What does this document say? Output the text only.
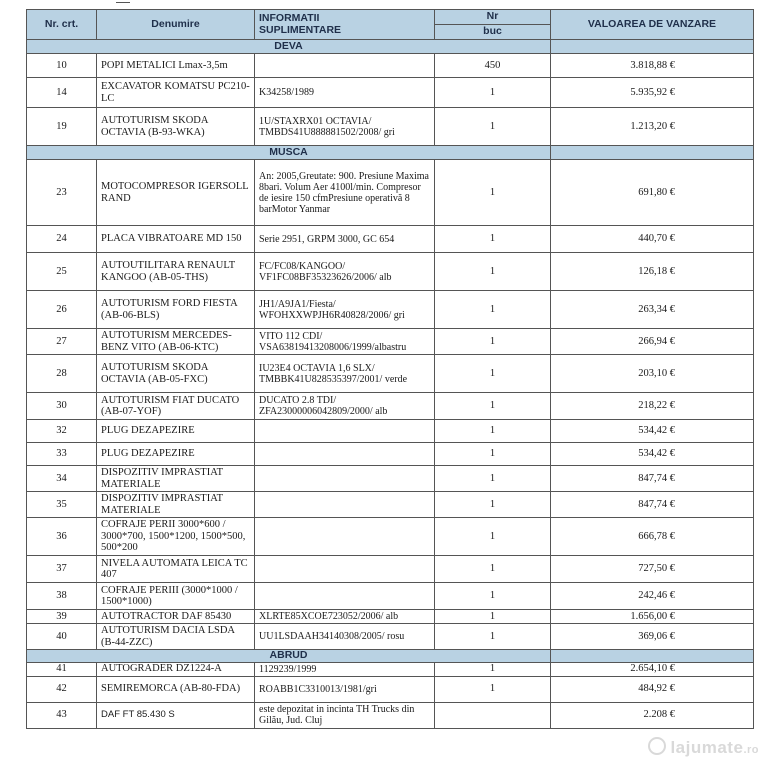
Nr. crt.	Denumire	INFORMATII
SUPLIMENTARE	Nr	VALOAREA DE VANZARE
			buc	
DEVA				
10	POPI METALICI Lmax-3,5m		450	3.818,88 €
14	EXCAVATOR KOMATSU PC210-LC	K34258/1989	1	5.935,92 €
19	AUTOTURISM SKODA OCTAVIA (B-93-WKA)	1U/STAXRX01 OCTAVIA/ TMBDS41U888881502/2008/ gri	1	1.213,20 €
MUSCA				
23	MOTOCOMPRESOR IGERSOLL RAND	An: 2005,Greutate: 900. Presiune Maxima 8bari. Volum Aer 4100l/min. Compresor de iesire 150 cfmPresiune operativă 8 barMotor Yanmar	1	691,80 €
24	PLACA VIBRATOARE MD 150	Serie 2951, GRPM 3000, GC 654	1	440,70 €
25	AUTOUTILITARA RENAULT KANGOO (AB-05-THS)	FC/FC08/KANGOO/ VF1FC08BF35323626/2006/ alb	1	126,18 €
26	AUTOTURISM FORD FIESTA (AB-06-BLS)	JH1/A9JA1/Fiesta/ WFOHXXWPJH6R40828/2006/ gri	1	263,34 €
27	AUTOTURISM MERCEDES-BENZ VITO (AB-06-KTC)	VITO 112 CDI/ VSA63819413208006/1999/albastru	1	266,94 €
28	AUTOTURISM SKODA OCTAVIA (AB-05-FXC)	IU23E4 OCTAVIA 1,6 SLX/ TMBBK41U828535397/2001/ verde	1	203,10 €
30	AUTOTURISM FIAT DUCATO (AB-07-YOF)	DUCATO 2.8 TDI/ ZFA23000006042809/2000/ alb	1	218,22 €
32	PLUG DEZAPEZIRE		1	534,42 €
33	PLUG DEZAPEZIRE		1	534,42 €
34	DISPOZITIV IMPRASTIAT MATERIALE		1	847,74 €
35	DISPOZITIV IMPRASTIAT MATERIALE		1	847,74 €
36	COFRAJE PERII 3000*600 / 3000*700, 1500*1200, 1500*500, 500*200		1	666,78 €
37	NIVELA AUTOMATA LEICA TC 407		1	727,50 €
38	COFRAJE PERIII (3000*1000 / 1500*1000)		1	242,46 €
39	AUTOTRACTOR DAF 85430	XLRTE85XCOE723052/2006/ alb	1	1.656,00 €
40	AUTOTURISM DACIA LSDA (B-44-ZZC)	UU1LSDAAH34140308/2005/ rosu	1	369,06 €
ABRUD				
41	AUTOGRADER DZ1224-A	1129239/1999	1	2.654,10 €
42	SEMIREMORCA (AB-80-FDA)	ROABB1C3310013/1981/gri	1	484,92 €
43	DAF FT 85.430 S	este depozitat in incinta TH Trucks din Gilău, Jud. Cluj		2.208 €
lajumate.ro
